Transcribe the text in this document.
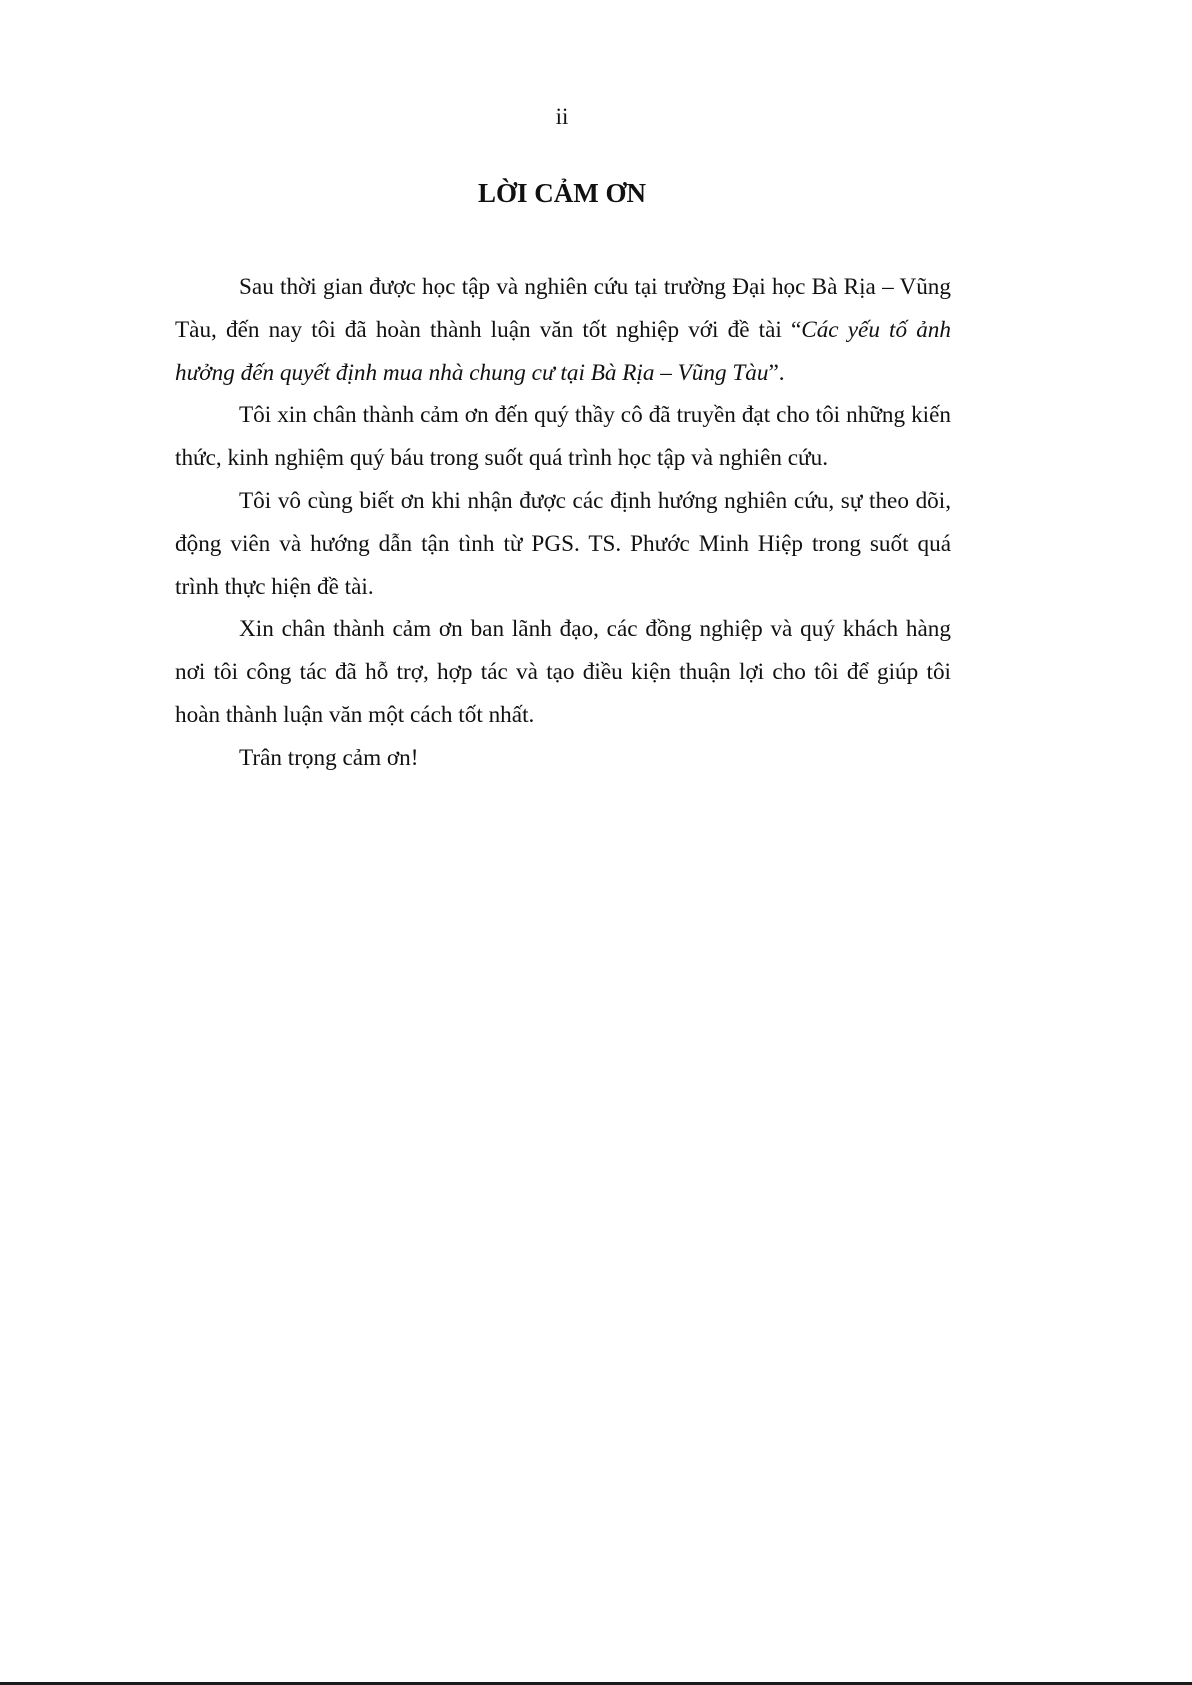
ii
LỜI CẢM ƠN

Sau thời gian được học tập và nghiên cứu tại trường Đại học Bà Rịa – Vũng Tàu, đến nay tôi đã hoàn thành luận văn tốt nghiệp với đề tài “Các yếu tố ảnh hưởng đến quyết định mua nhà chung cư tại Bà Rịa – Vũng Tàu”.

Tôi xin chân thành cảm ơn đến quý thầy cô đã truyền đạt cho tôi những kiến thức, kinh nghiệm quý báu trong suốt quá trình học tập và nghiên cứu.

Tôi vô cùng biết ơn khi nhận được các định hướng nghiên cứu, sự theo dõi, động viên và hướng dẫn tận tình từ PGS. TS. Phước Minh Hiệp trong suốt quá trình thực hiện đề tài.

Xin chân thành cảm ơn ban lãnh đạo, các đồng nghiệp và quý khách hàng nơi tôi công tác đã hỗ trợ, hợp tác và tạo điều kiện thuận lợi cho tôi để giúp tôi hoàn thành luận văn một cách tốt nhất.

Trân trọng cảm ơn!
